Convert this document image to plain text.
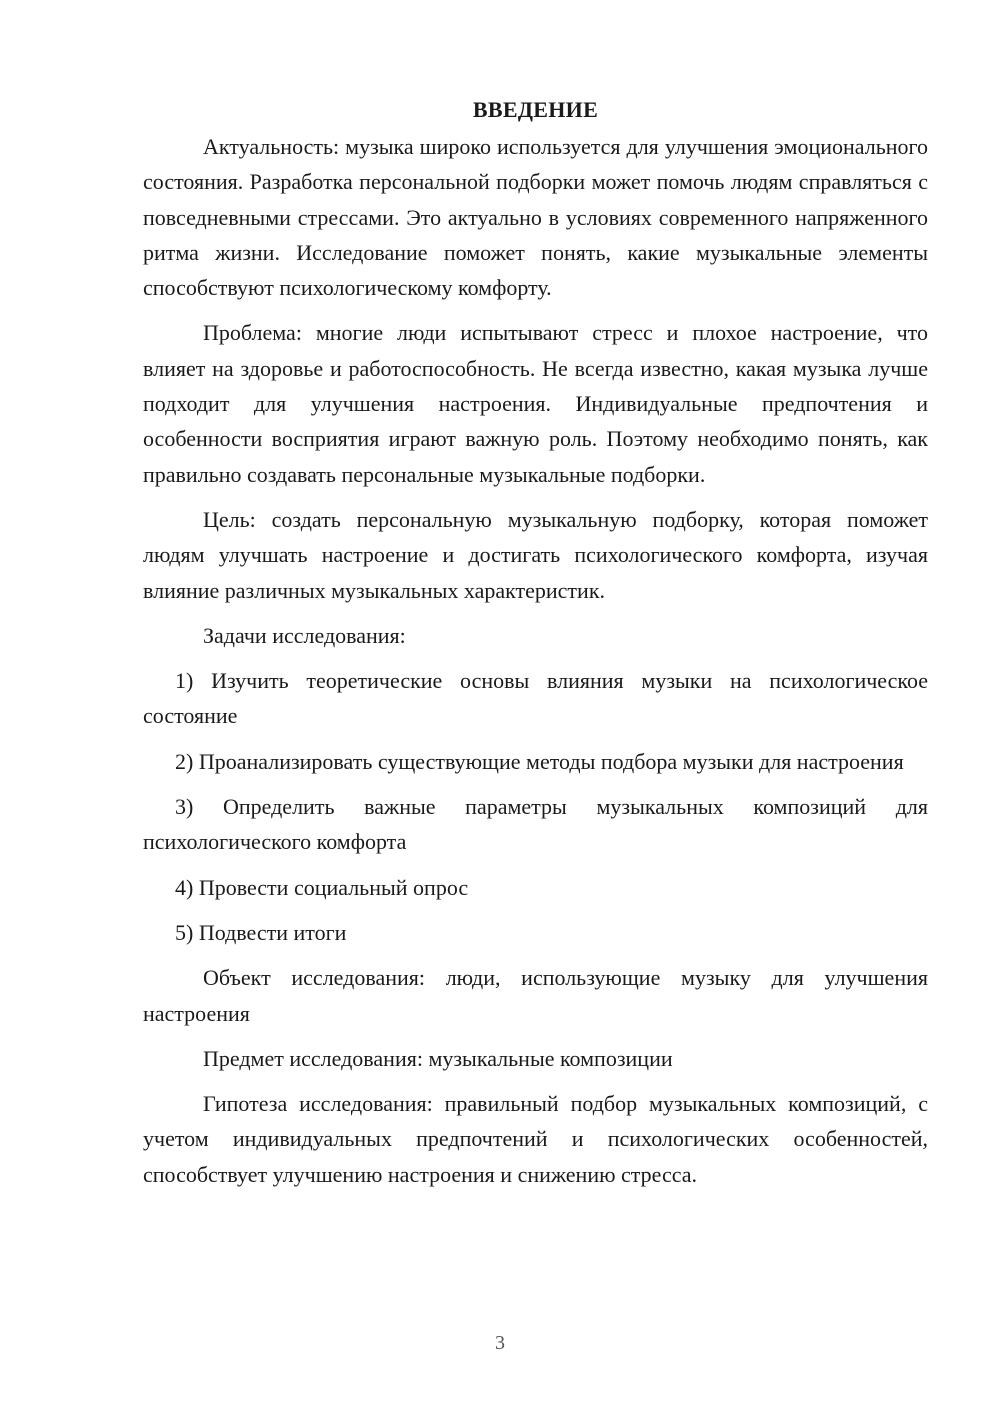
ВВЕДЕНИЕ

Актуальность: музыка широко используется для улучшения эмоционального состояния. Разработка персональной подборки может помочь людям справляться с повседневными стрессами. Это актуально в условиях современного напряженного ритма жизни. Исследование поможет понять, какие музыкальные элементы способствуют психологическому комфорту.

Проблема: многие люди испытывают стресс и плохое настроение, что влияет на здоровье и работоспособность. Не всегда известно, какая музыка лучше подходит для улучшения настроения. Индивидуальные предпочтения и особенности восприятия играют важную роль. Поэтому необходимо понять, как правильно создавать персональные музыкальные подборки.

Цель: создать персональную музыкальную подборку, которая поможет людям улучшать настроение и достигать психологического комфорта, изучая влияние различных музыкальных характеристик.

Задачи исследования:

1) Изучить теоретические основы влияния музыки на психологическое состояние

2) Проанализировать существующие методы подбора музыки для настроения

3) Определить важные параметры музыкальных композиций для психологического комфорта

4) Провести социальный опрос

5) Подвести итоги

Объект исследования: люди, использующие музыку для улучшения настроения

Предмет исследования: музыкальные композиции

Гипотеза исследования: правильный подбор музыкальных композиций, с учетом индивидуальных предпочтений и психологических особенностей, способствует улучшению настроения и снижению стресса.

3
